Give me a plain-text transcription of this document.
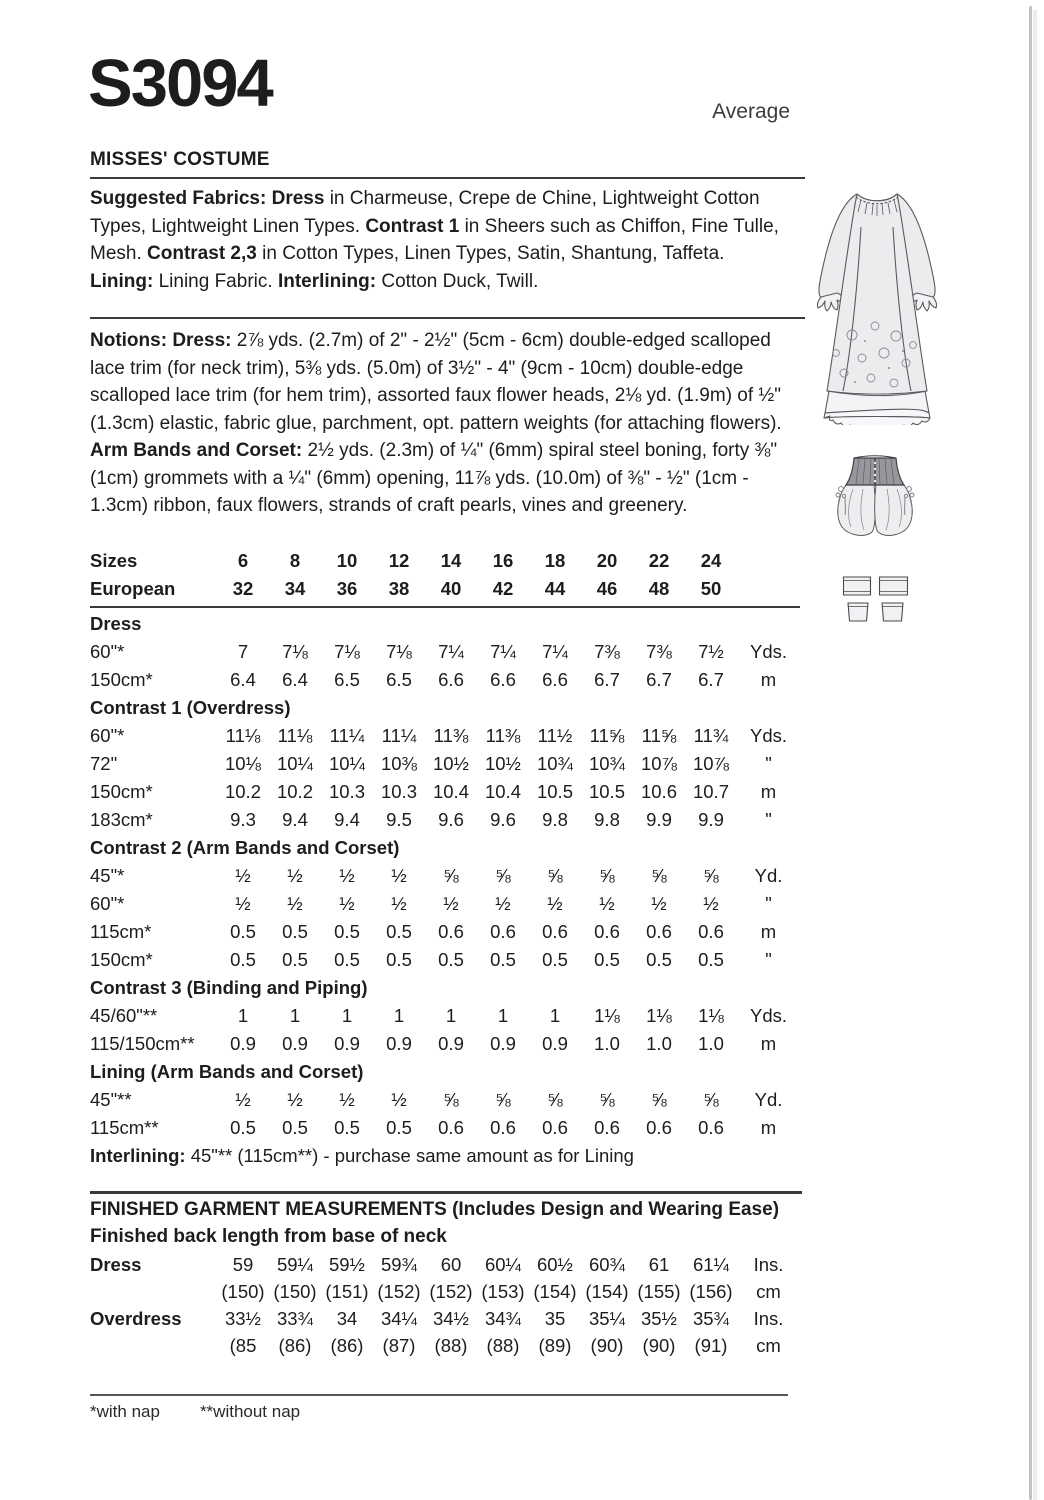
S3094	Average
MISSES' COSTUME
Suggested Fabrics: Dress in Charmeuse, Crepe de Chine, Lightweight Cotton Types, Lightweight Linen Types. Contrast 1 in Sheers such as Chiffon, Fine Tulle, Mesh. Contrast 2,3 in Cotton Types, Linen Types, Satin, Shantung, Taffeta. Lining: Lining Fabric. Interlining: Cotton Duck, Twill.
Notions: Dress: 2⅞ yds. (2.7m) of 2" - 2½" (5cm - 6cm) double-edged scalloped lace trim (for neck trim), 5⅜ yds. (5.0m) of 3½" - 4" (9cm - 10cm) double-edge scalloped lace trim (for hem trim), assorted faux flower heads, 2⅛ yd. (1.9m) of ½" (1.3cm) elastic, fabric glue, parchment, opt. pattern weights (for attaching flowers). Arm Bands and Corset: 2½ yds. (2.3m) of ¼" (6mm) spiral steel boning, forty ⅜" (1cm) grommets with a ¼" (6mm) opening, 11⅞ yds. (10.0m) of ⅜" - ½" (1cm - 1.3cm) ribbon, faux flowers, strands of craft pearls, vines and greenery.
Sizes	6	8	10	12	14	16	18	20	22	24
European	32	34	36	38	40	42	44	46	48	50
Dress
60"*	7	7⅛	7⅛	7⅛	7¼	7¼	7¼	7⅜	7⅜	7½	Yds.
150cm*	6.4	6.4	6.5	6.5	6.6	6.6	6.6	6.7	6.7	6.7	m
Contrast 1 (Overdress)
60"*	11⅛ 11⅛ 11¼ 11¼ 11⅜ 11⅜ 11½ 11⅝ 11⅝ 11¾	Yds.
72"	10⅛ 10¼ 10¼ 10⅜ 10½ 10½ 10¾ 10¾ 10⅞ 10⅞	"
150cm*	10.2 10.2 10.3 10.3 10.4 10.4 10.5 10.5 10.6 10.7	m
183cm*	9.3	9.4	9.4	9.5	9.6	9.6	9.8	9.8	9.9	9.9	"
Contrast 2 (Arm Bands and Corset)
45"*	½	½	½	½	⅝	⅝	⅝	⅝	⅝	⅝	Yd.
60"*	½	½	½	½	½	½	½	½	½	½	"
115cm*	0.5	0.5	0.5	0.5	0.6	0.6	0.6	0.6	0.6	0.6	m
150cm*	0.5	0.5	0.5	0.5	0.5	0.5	0.5	0.5	0.5	0.5	"
Contrast 3 (Binding and Piping)
45/60"**	1	1	1	1	1	1	1	1⅛	1⅛	1⅛	Yds.
115/150cm**	0.9	0.9	0.9	0.9	0.9	0.9	0.9	1.0	1.0	1.0	m
Lining (Arm Bands and Corset)
45"**	½	½	½	½	⅝	⅝	⅝	⅝	⅝	⅝	Yd.
115cm**	0.5	0.5	0.5	0.5	0.6	0.6	0.6	0.6	0.6	0.6	m
Interlining: 45"** (115cm**) - purchase same amount as for Lining
FINISHED GARMENT MEASUREMENTS (Includes Design and Wearing Ease)
Finished back length from base of neck
Dress	59	59¼ 59½ 59¾	60	60¼ 60½ 60¾	61	61¼	Ins.
(150) (150) (151) (152) (152) (153) (154) (154) (155) (156)	cm
Overdress	33½ 33¾	34	34¼ 34½ 34¾	35	35¼ 35½ 35¾	Ins.
(85	(86)	(86)	(87)	(88)	(88)	(89)	(90)	(90)	(91)	cm
*with nap **without nap
